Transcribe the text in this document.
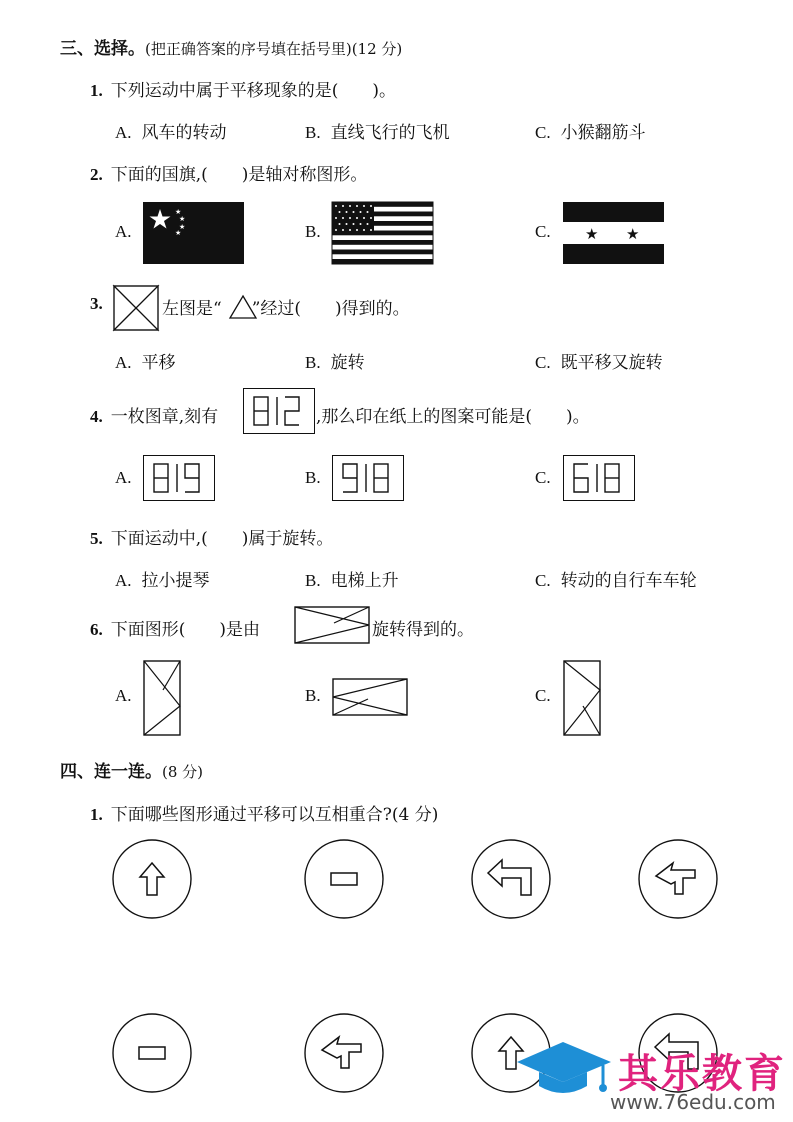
三、选择。(把正确答案的序号填在括号里)(12 分)
1. 下列运动中属于平移现象的是(　　)。
A. 风车的转动	B. 直线飞行的飞机	C. 小猴翻筋斗
2. 下面的国旗,(　　)是轴对称图形。
A.
★
★
★
★	B.	C.	★ ★
3.	左图是“ ”经过(　　)得到的。
A. 平移	B. 旋转	C. 既平移又旋转
4. 一枚图章,刻有	,那么印在纸上的图案可能是(　　)。
A.	B.	C.
5. 下面运动中,(　　)属于旋转。
A. 拉小提琴	B. 电梯上升	C. 转动的自行车车轮
6. 下面图形(　　)是由	旋转得到的。
A.	B.	C.
四、连一连。(8 分)
1. 下面哪些图形通过平移可以互相重合?(4 分)
其乐教育
www.76edu.com
